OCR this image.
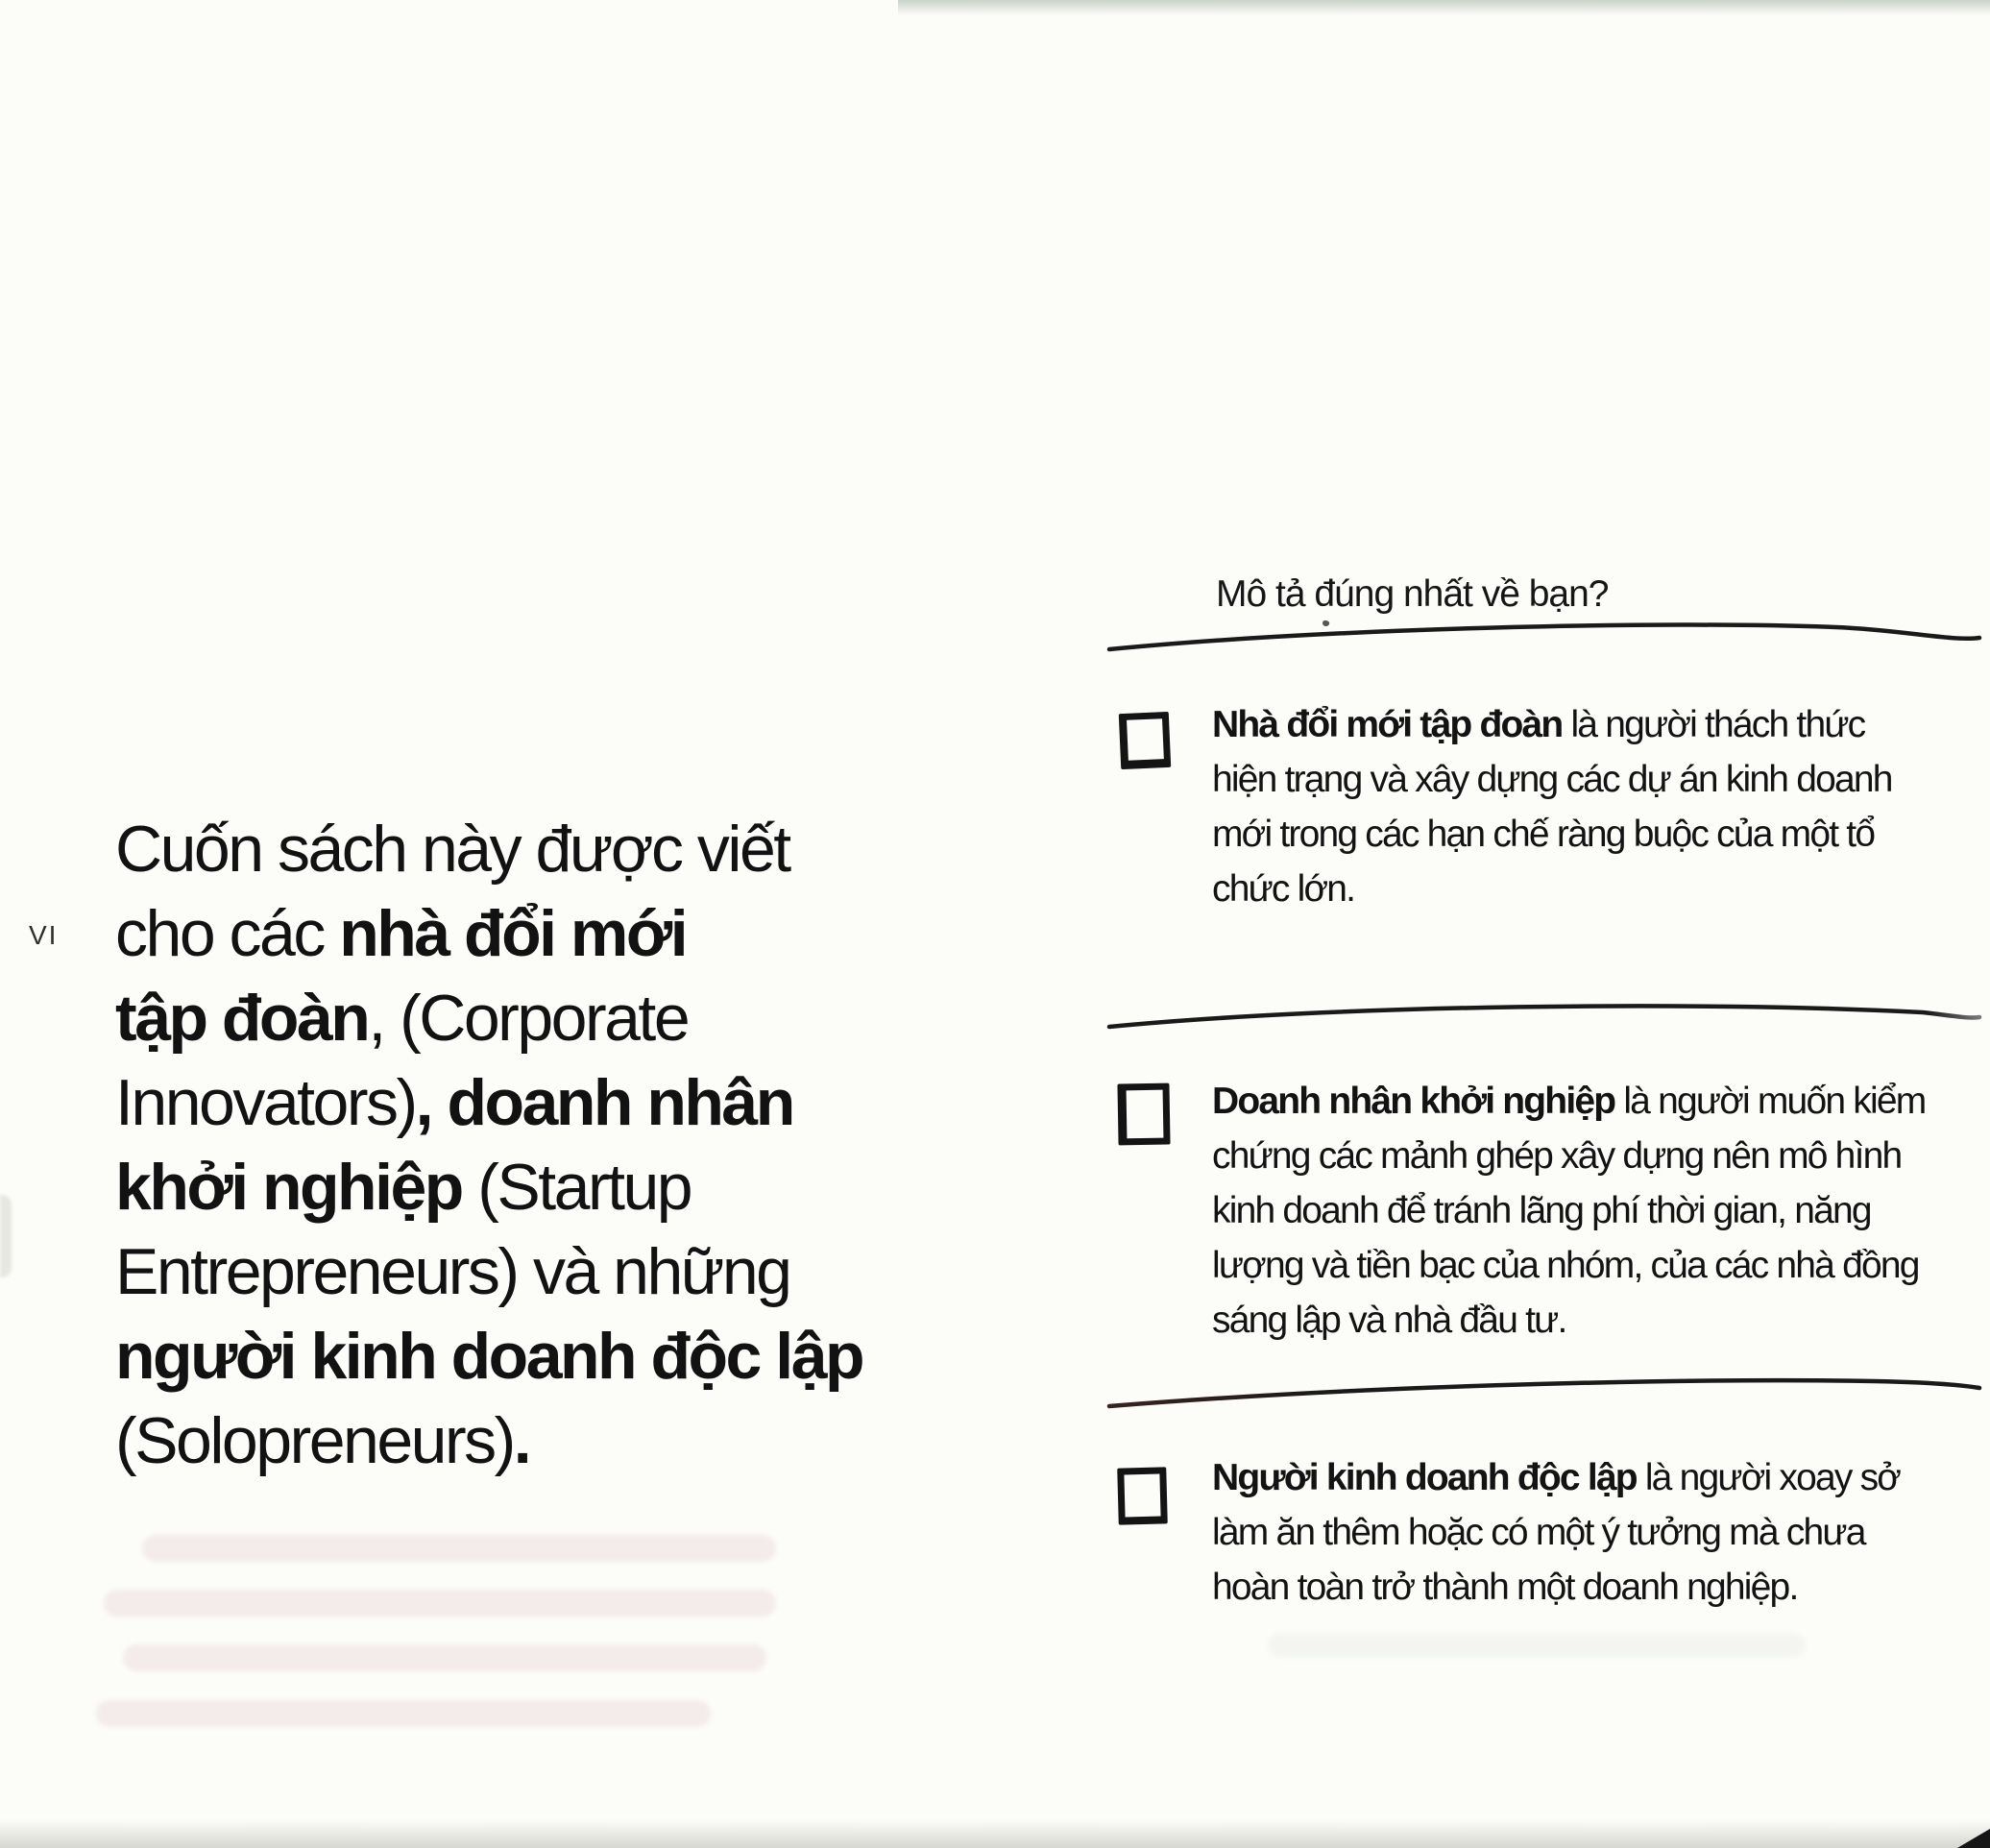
VI
Cuốn sách này được viết
cho các nhà đổi mới
tập đoàn, (Corporate
Innovators), doanh nhân
khởi nghiệp (Startup
Entrepreneurs) và những
người kinh doanh độc lập
(Solopreneurs).
Mô tả đúng nhất về bạn?
Nhà đổi mới tập đoàn là người thách thức
hiện trạng và xây dựng các dự án kinh doanh
mới trong các hạn chế ràng buộc của một tổ
chức lớn.
Doanh nhân khởi nghiệp là người muốn kiểm
chứng các mảnh ghép xây dựng nên mô hình
kinh doanh để tránh lãng phí thời gian, năng
lượng và tiền bạc của nhóm, của các nhà đồng
sáng lập và nhà đầu tư.
Người kinh doanh độc lập là người xoay sở
làm ăn thêm hoặc có một ý tưởng mà chưa
hoàn toàn trở thành một doanh nghiệp.
